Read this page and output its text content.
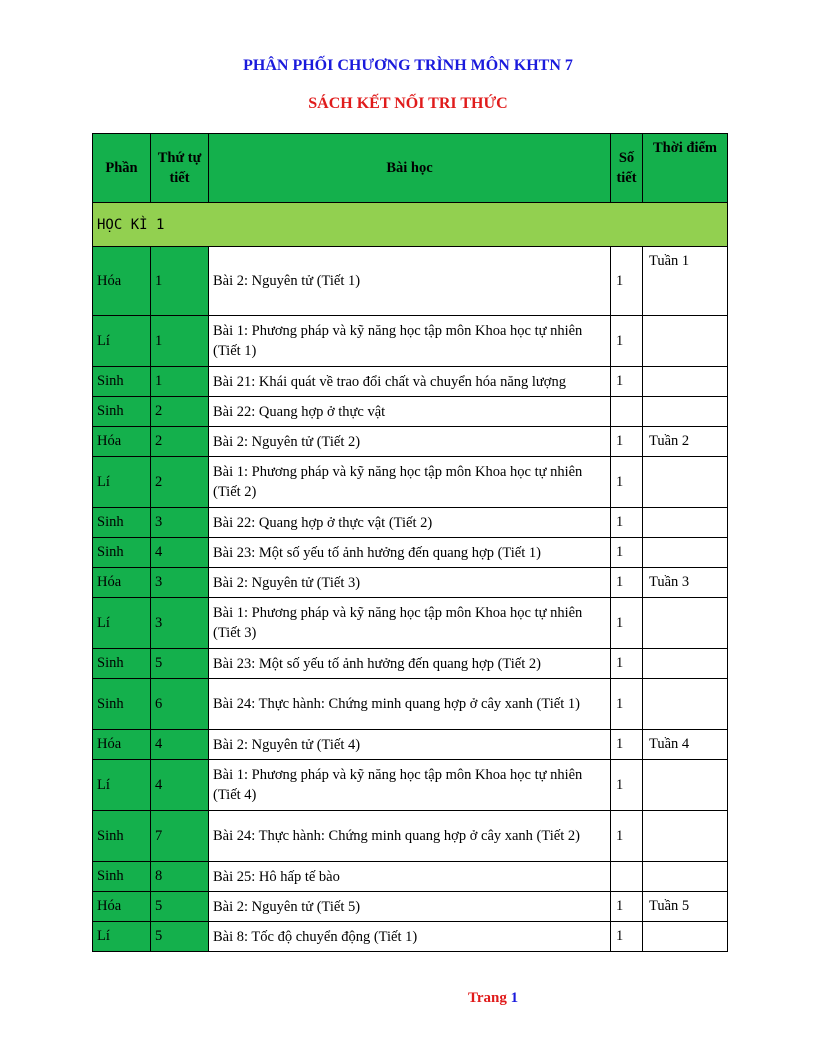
PHÂN PHỐI CHƯƠNG TRÌNH MÔN KHTN 7
SÁCH KẾT NỐI TRI THỨC
Phần	Thứ tự tiết	Bài học	Số tiết	Thời điểm
HỌC KÌ 1				
Hóa	1	Bài 2: Nguyên tử (Tiết 1)	1	Tuần 1
Lí	1	Bài 1: Phương pháp và kỹ năng học tập môn Khoa học tự nhiên (Tiết 1)	1	
Sinh	1	Bài 21: Khái quát về trao đổi chất và chuyển hóa năng lượng	1	
Sinh	2	Bài 22: Quang hợp ở thực vật		
Hóa	2	Bài 2: Nguyên tử (Tiết 2)	1	Tuần 2
Lí	2	Bài 1: Phương pháp và kỹ năng học tập môn Khoa học tự nhiên (Tiết 2)	1	
Sinh	3	Bài 22: Quang hợp ở thực vật (Tiết 2)	1	
Sinh	4	Bài 23: Một số yếu tố ảnh hưởng đến quang hợp (Tiết 1)	1	
Hóa	3	Bài 2: Nguyên tử (Tiết 3)	1	Tuần 3
Lí	3	Bài 1: Phương pháp và kỹ năng học tập môn Khoa học tự nhiên (Tiết 3)	1	
Sinh	5	Bài 23: Một số yếu tố ảnh hưởng đến quang hợp (Tiết 2)	1	
Sinh	6	Bài 24: Thực hành: Chứng minh quang hợp ở cây xanh (Tiết 1)	1	
Hóa	4	Bài 2: Nguyên tử (Tiết 4)	1	Tuần 4
Lí	4	Bài 1: Phương pháp và kỹ năng học tập môn Khoa học tự nhiên (Tiết 4)	1	
Sinh	7	Bài 24: Thực hành: Chứng minh quang hợp ở cây xanh (Tiết 2)	1	
Sinh	8	Bài 25: Hô hấp tế bào		
Hóa	5	Bài 2: Nguyên tử (Tiết 5)	1	Tuần 5
Lí	5	Bài 8: Tốc độ chuyển động (Tiết 1)	1	
Trang 1
